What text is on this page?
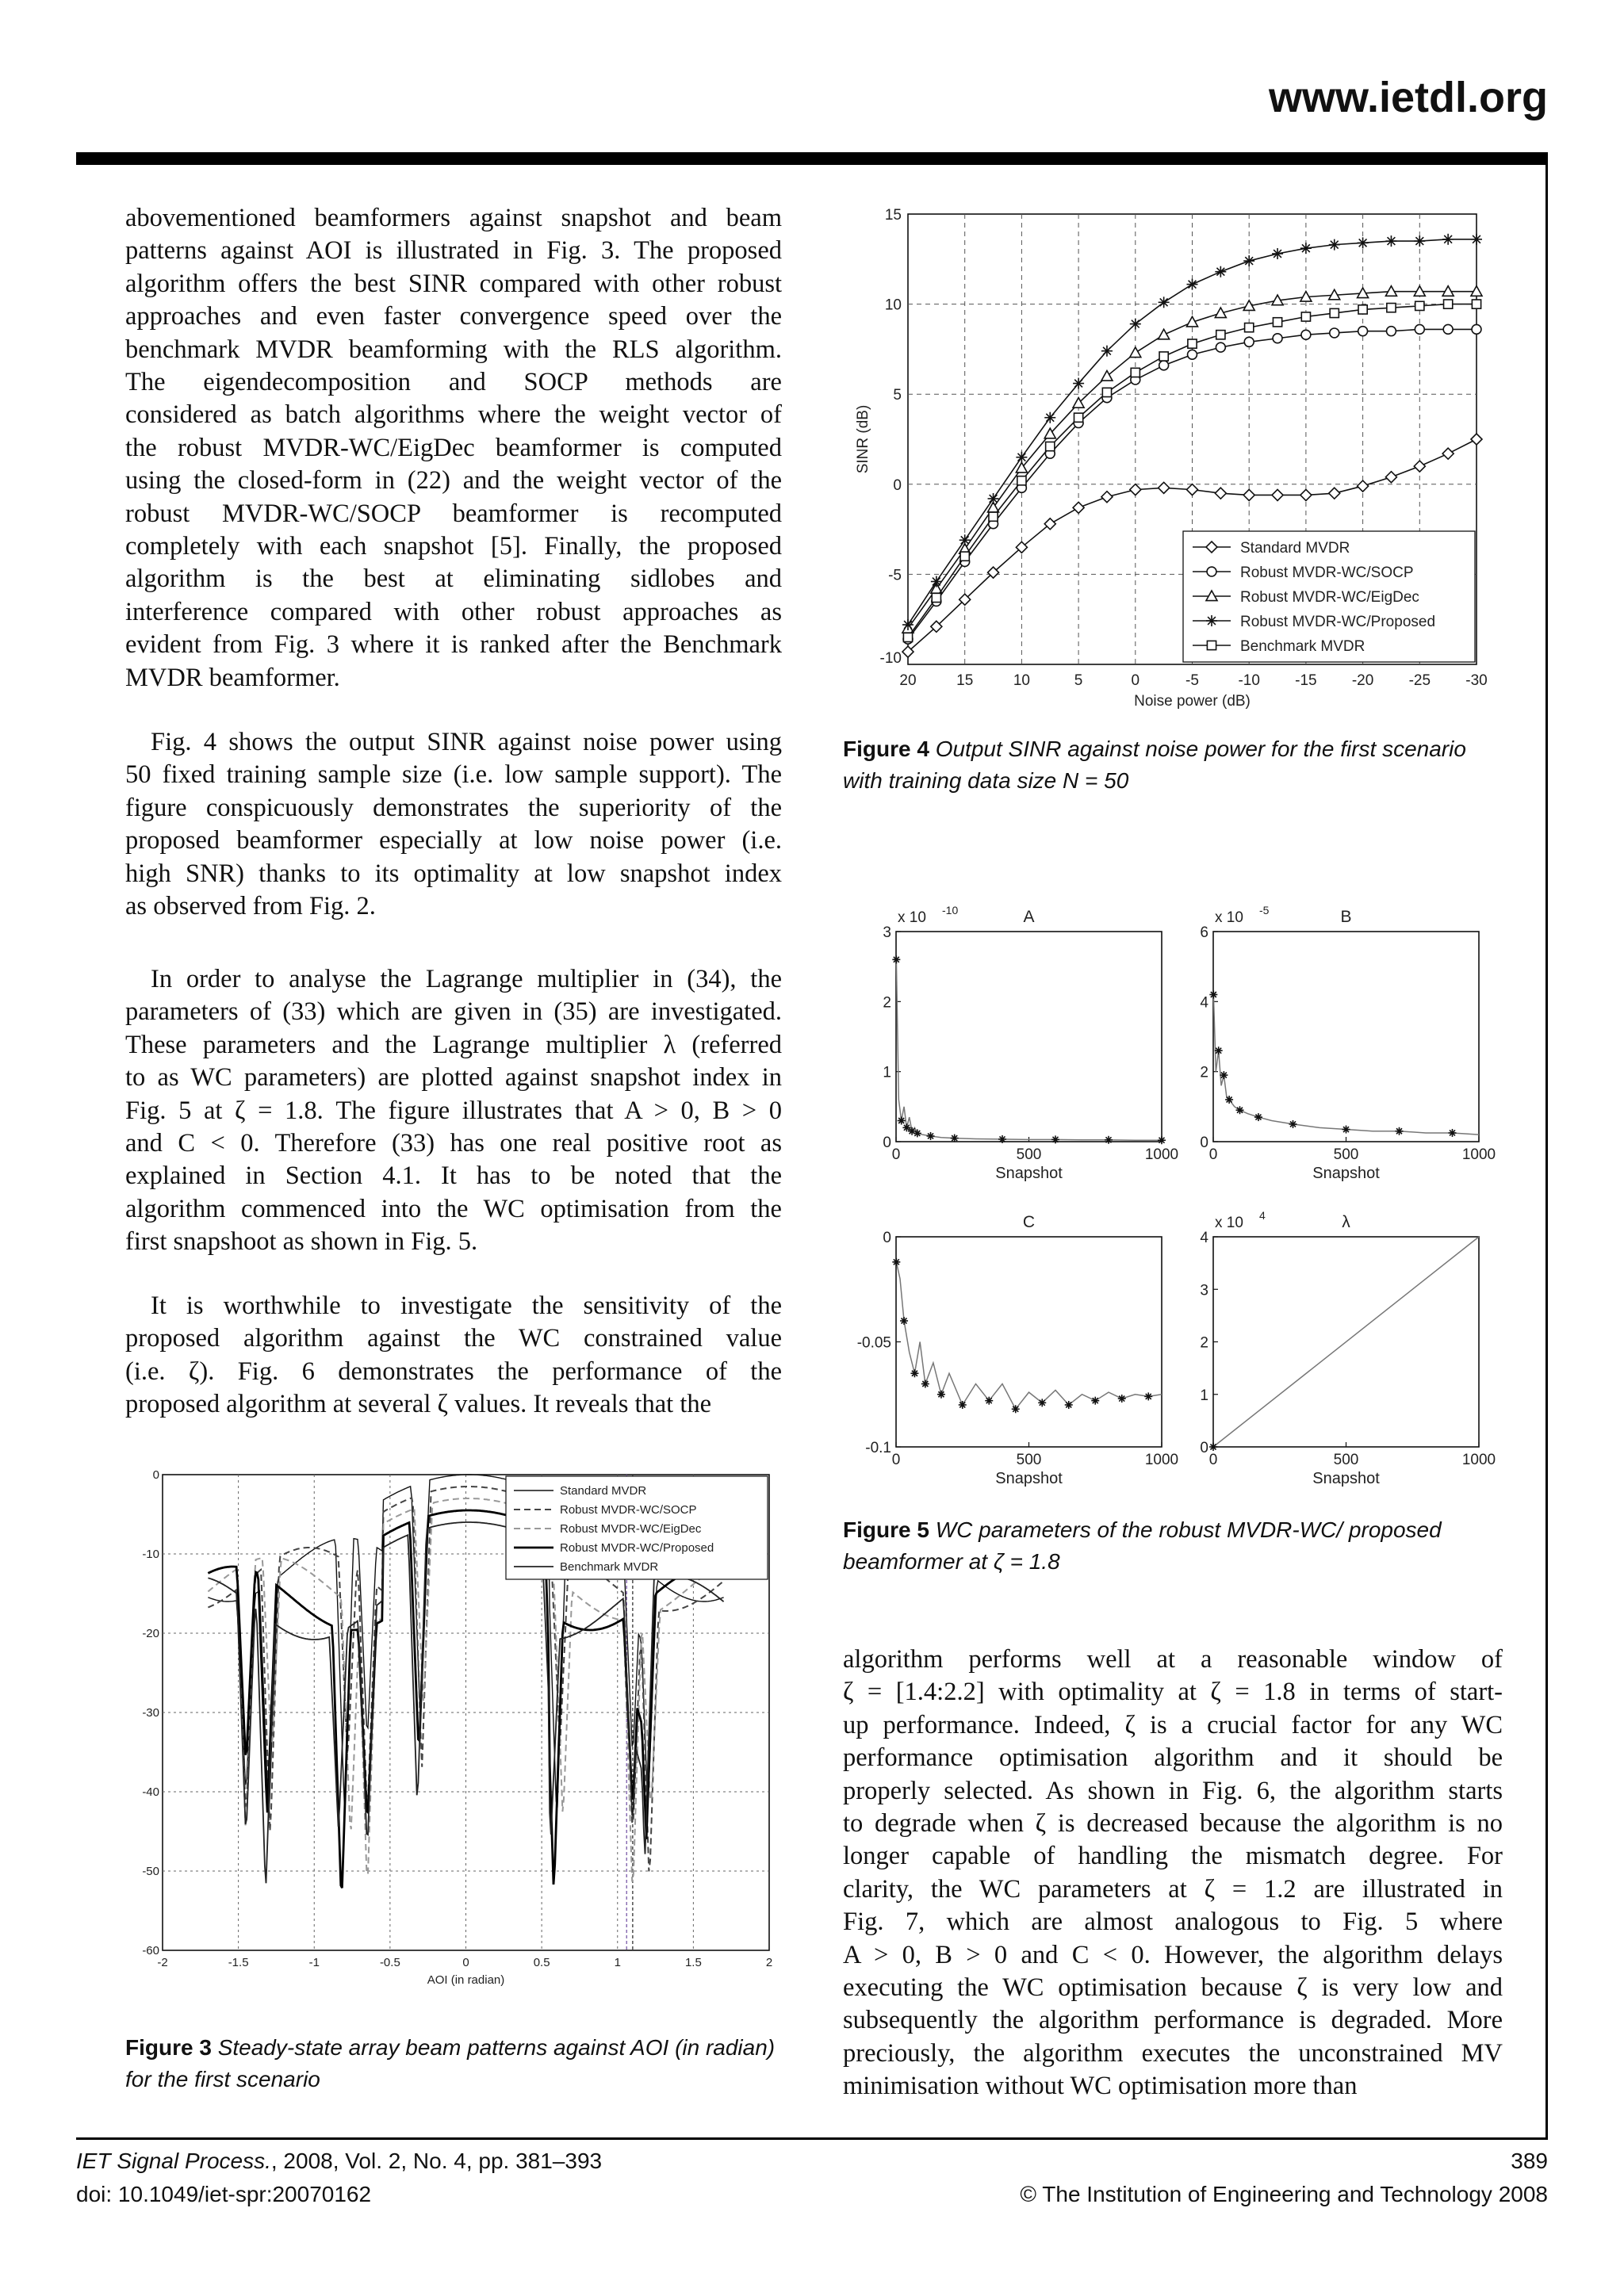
www.ietdl.org
abovementioned beamformers against snapshot and beam
patterns against AOI is illustrated in Fig. 3. The proposed
algorithm offers the best SINR compared with other robust
approaches and even faster convergence speed over the
benchmark MVDR beamforming with the RLS algorithm.
The eigendecomposition and SOCP methods are
considered as batch algorithms where the weight vector of
the robust MVDR-WC/EigDec beamformer is computed
using the closed-form in (22) and the weight vector of the
robust MVDR-WC/SOCP beamformer is recomputed
completely with each snapshot [5]. Finally, the proposed
algorithm is the best at eliminating sidlobes and
interference compared with other robust approaches as
evident from Fig. 3 where it is ranked after the Benchmark
MVDR beamformer.
Fig. 4 shows the output SINR against noise power using
50 fixed training sample size (i.e. low sample support). The
figure conspicuously demonstrates the superiority of the
proposed beamformer especially at low noise power (i.e.
high SNR) thanks to its optimality at low snapshot index
as observed from Fig. 2.
In order to analyse the Lagrange multiplier in (34), the
parameters of (33) which are given in (35) are investigated.
These parameters and the Lagrange multiplier λ (referred
to as WC parameters) are plotted against snapshot index in
Fig. 5 at ζ = 1.8. The figure illustrates that A > 0, B > 0
and C < 0. Therefore (33) has one real positive root as
explained in Section 4.1. It has to be noted that the
algorithm commenced into the WC optimisation from the
first snapshoot as shown in Fig. 5.
It is worthwhile to investigate the sensitivity of the
proposed algorithm against the WC constrained value
(i.e. ζ). Fig. 6 demonstrates the performance of the
proposed algorithm at several ζ values. It reveals that the
-2	-1.5	-1	-0.5	0	0.5	1	1.5	2
0
-10
-20
-30
-40
-50
-60
AOI (in radian)
Standard MVDR
Robust MVDR-WC/SOCP
Robust MVDR-WC/EigDec
Robust MVDR-WC/Proposed
Benchmark MVDR
Figure 3 Steady-state array beam patterns against AOI (in radian) for the first scenario
20	15	10	5	0	-5	-10 -15 -20 -25 -30
15
10
5
0
-5
-10
Noise power (dB)
SINR (dB)
Standard MVDR
Robust MVDR-WC/SOCP
Robust MVDR-WC/EigDec
Robust MVDR-WC/Proposed
Benchmark MVDR
Figure 4 Output SINR against noise power for the first scenario with training data size N = 50
A
x 10 -10
0	500	1000
3
2
1
0
Snapshot
B
x 10 -5
0	500	1000
6
4
2
0
Snapshot
C
0	500	1000
0
-0.05
-0.1
Snapshot
λ
x 10 4
0	500	1000
4
3
2
1
0
Snapshot
Figure 5 WC parameters of the robust MVDR-WC/ proposed beamformer at ζ = 1.8
algorithm performs well at a reasonable window of
ζ = [1.4:2.2] with optimality at ζ = 1.8 in terms of start-
up performance. Indeed, ζ is a crucial factor for any WC
performance optimisation algorithm and it should be
properly selected. As shown in Fig. 6, the algorithm starts
to degrade when ζ is decreased because the algorithm is no
longer capable of handling the mismatch degree. For
clarity, the WC parameters at ζ = 1.2 are illustrated in
Fig. 7, which are almost analogous to Fig. 5 where
A > 0, B > 0 and C < 0. However, the algorithm delays
executing the WC optimisation because ζ is very low and
subsequently the algorithm performance is degraded. More
preciously, the algorithm executes the unconstrained MV
minimisation without WC optimisation more than
IET Signal Process., 2008, Vol. 2, No. 4, pp. 381–393
doi: 10.1049/iet-spr:20070162
389
© The Institution of Engineering and Technology 2008
